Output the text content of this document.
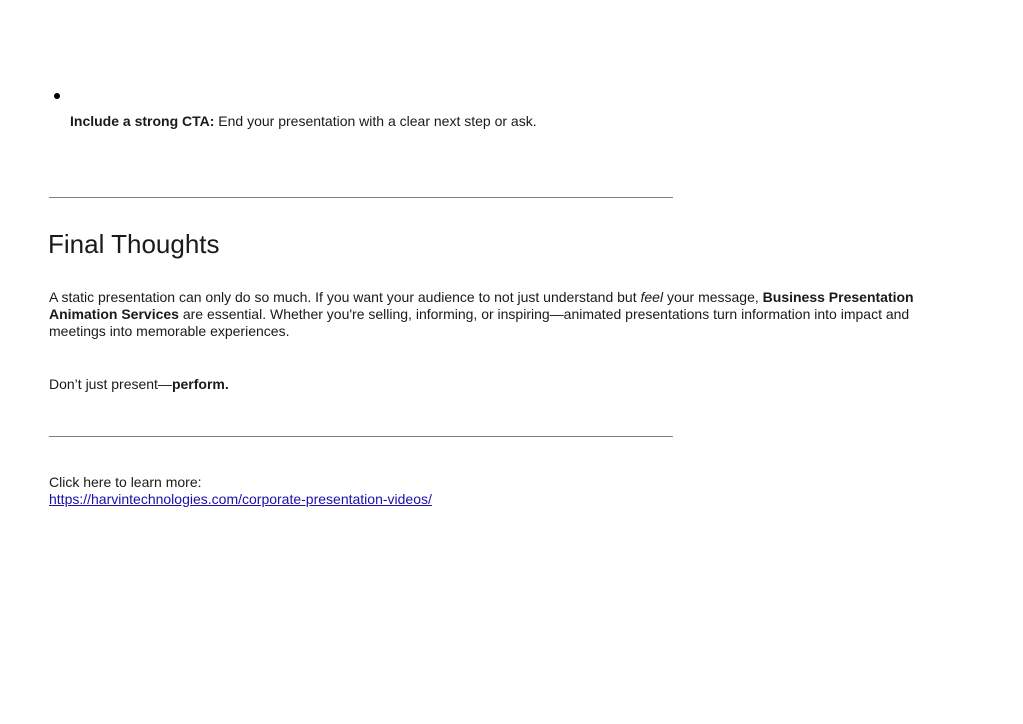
Include a strong CTA: End your presentation with a clear next step or ask.
Final Thoughts

A static presentation can only do so much. If you want your audience to not just understand but feel your message, Business Presentation Animation Services are essential. Whether you're selling, informing, or inspiring—animated presentations turn information into impact and meetings into memorable experiences.

Don’t just present—perform.

Click here to learn more:
https://harvintechnologies.com/corporate-presentation-videos/
